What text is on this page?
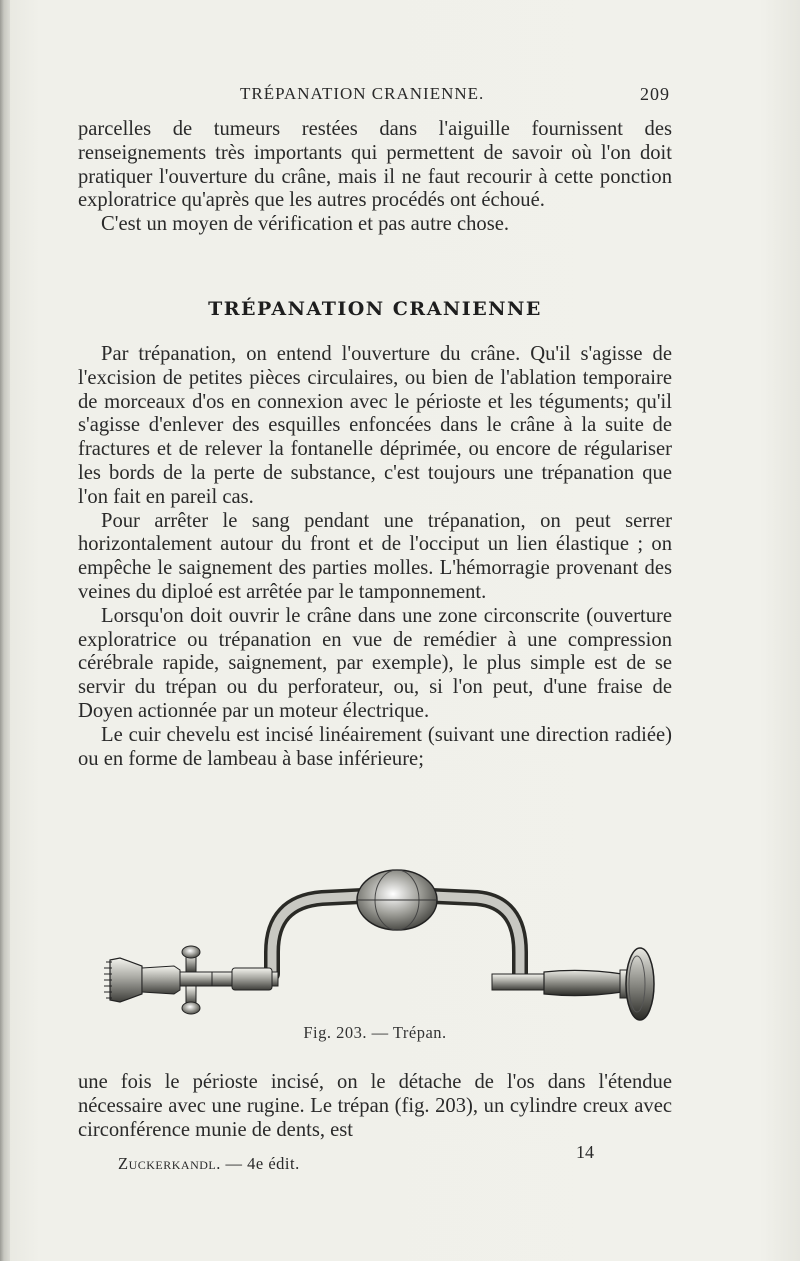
TRÉPANATION CRANIENNE.	209

parcelles de tumeurs restées dans l'aiguille fournissent des renseignements très importants qui permettent de savoir où l'on doit pratiquer l'ouverture du crâne, mais il ne faut recourir à cette ponction exploratrice qu'après que les autres procédés ont échoué.

C'est un moyen de vérification et pas autre chose.

TRÉPANATION CRANIENNE

Par trépanation, on entend l'ouverture du crâne. Qu'il s'agisse de l'excision de petites pièces circulaires, ou bien de l'ablation temporaire de morceaux d'os en connexion avec le périoste et les téguments; qu'il s'agisse d'enlever des esquilles enfoncées dans le crâne à la suite de fractures et de relever la fontanelle déprimée, ou encore de régulariser les bords de la perte de substance, c'est toujours une trépanation que l'on fait en pareil cas.

Pour arrêter le sang pendant une trépanation, on peut serrer horizontalement autour du front et de l'occiput un lien élastique ; on empêche le saignement des parties molles. L'hémorragie provenant des veines du diploé est arrêtée par le tamponnement.

Lorsqu'on doit ouvrir le crâne dans une zone circonscrite (ouverture exploratrice ou trépanation en vue de remédier à une compression cérébrale rapide, saignement, par exemple), le plus simple est de se servir du trépan ou du perforateur, ou, si l'on peut, d'une fraise de Doyen actionnée par un moteur électrique.

Le cuir chevelu est incisé linéairement (suivant une direction radiée) ou en forme de lambeau à base inférieure;

Fig. 203. — Trépan.

une fois le périoste incisé, on le détache de l'os dans l'étendue nécessaire avec une rugine. Le trépan (fig. 203), un cylindre creux avec circonférence munie de dents, est

Zuckerkandl. — 4e édit.
14
